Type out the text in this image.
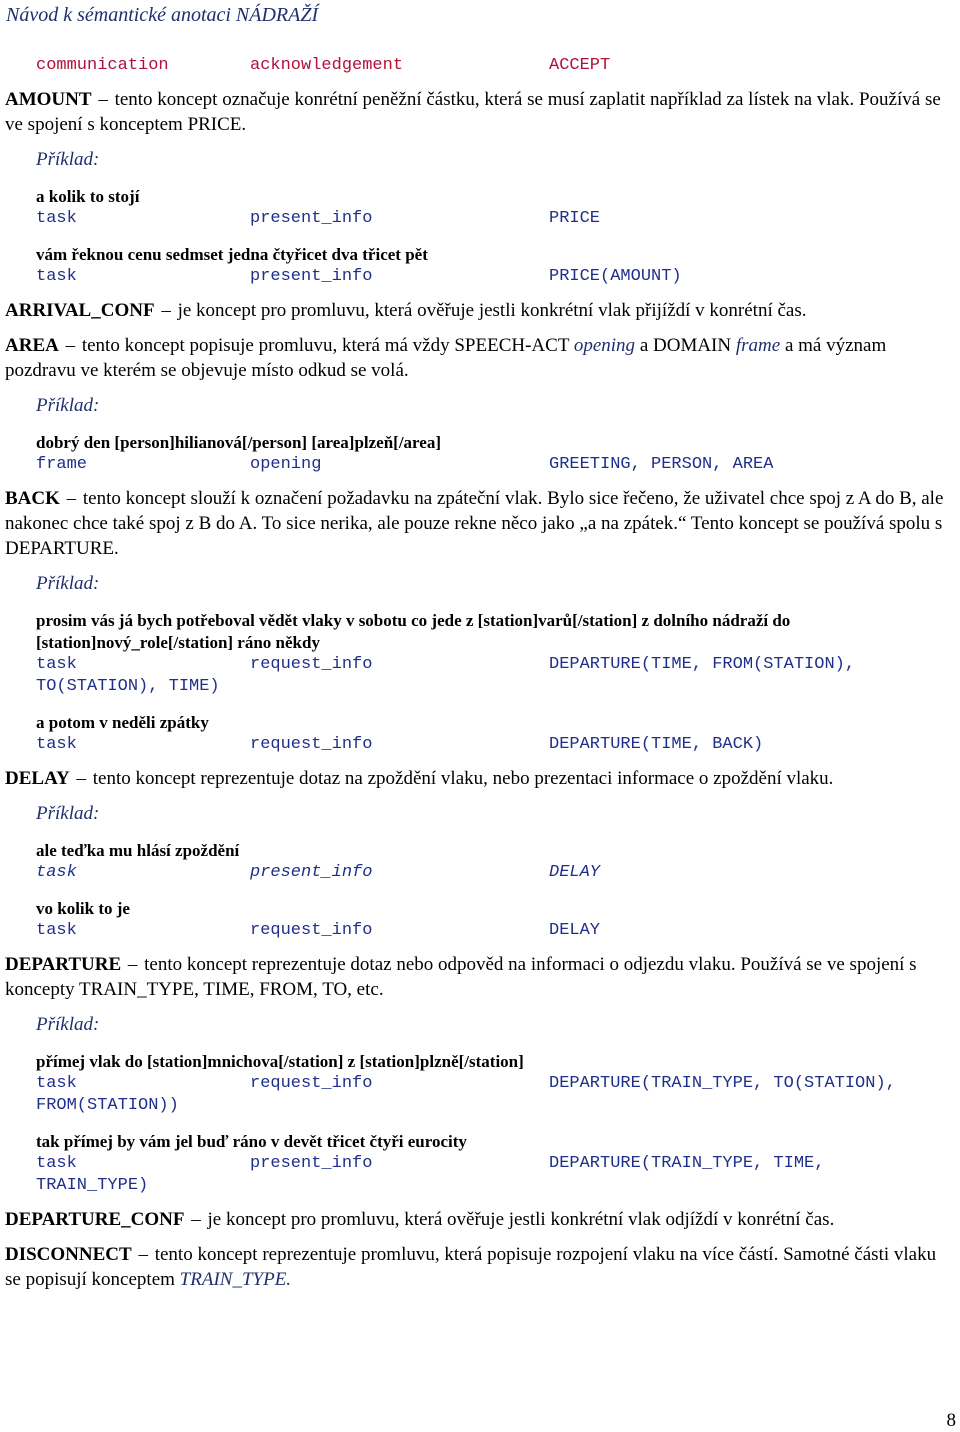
Návod k sémantické anotaci NÁDRAŽÍ
communication	acknowledgement	ACCEPT

AMOUNT – tento koncept označuje konrétní peněžní částku, která se musí zaplatit například za lístek na vlak. Používá se ve spojení s konceptem PRICE.

Příklad:
a kolik to stojí
task	present_info	PRICE
vám řeknou cenu sedmset jedna čtyřicet dva třicet pět
task	present_info	PRICE(AMOUNT)

ARRIVAL_CONF – je koncept pro promluvu, která ověřuje jestli konkrétní vlak přijíždí v konrétní čas.

AREA – tento koncept popisuje promluvu, která má vždy SPEECH-ACT opening a DOMAIN frame a má význam pozdravu ve kterém se objevuje místo odkud se volá.

Příklad:
dobrý den [person]hilianová[/person] [area]plzeň[/area]
frame	opening	GREETING, PERSON, AREA

BACK – tento koncept slouží k označení požadavku na zpáteční vlak. Bylo sice řečeno, že uživatel chce spoj z A do B, ale nakonec chce také spoj z B do A. To sice nerika, ale pouze rekne něco jako „a na zpátek.“ Tento koncept se používá spolu s DEPARTURE.

Příklad:
prosim vás já bych potřeboval vědět vlaky v sobotu co jede z [station]varů[/station] z dolního nádraží do [station]nový_role[/station] ráno někdy
task	request_info	DEPARTURE(TIME, FROM(STATION),
TO(STATION), TIME)
a potom v neděli zpátky
task	request_info	DEPARTURE(TIME, BACK)

DELAY – tento koncept reprezentuje dotaz na zpoždění vlaku, nebo prezentaci informace o zpoždění vlaku.

Příklad:
ale teďka mu hlásí zpoždění
task	present_info	DELAY
vo kolik to je
task	request_info	DELAY

DEPARTURE – tento koncept reprezentuje dotaz nebo odpověd na informaci o odjezdu vlaku. Používá se ve spojení s koncepty TRAIN_TYPE, TIME, FROM, TO, etc.

Příklad:
přímej vlak do [station]mnichova[/station] z [station]plzně[/station]
task	request_info	DEPARTURE(TRAIN_TYPE, TO(STATION),
FROM(STATION))
tak přímej by vám jel buď ráno v devět třicet čtyři eurocity
task	present_info	DEPARTURE(TRAIN_TYPE, TIME,
TRAIN_TYPE)

DEPARTURE_CONF – je koncept pro promluvu, která ověřuje jestli konkrétní vlak odjíždí v konrétní čas.

DISCONNECT – tento koncept reprezentuje promluvu, která popisuje rozpojení vlaku na více částí. Samotné části vlaku se popisují konceptem TRAIN_TYPE.

8
